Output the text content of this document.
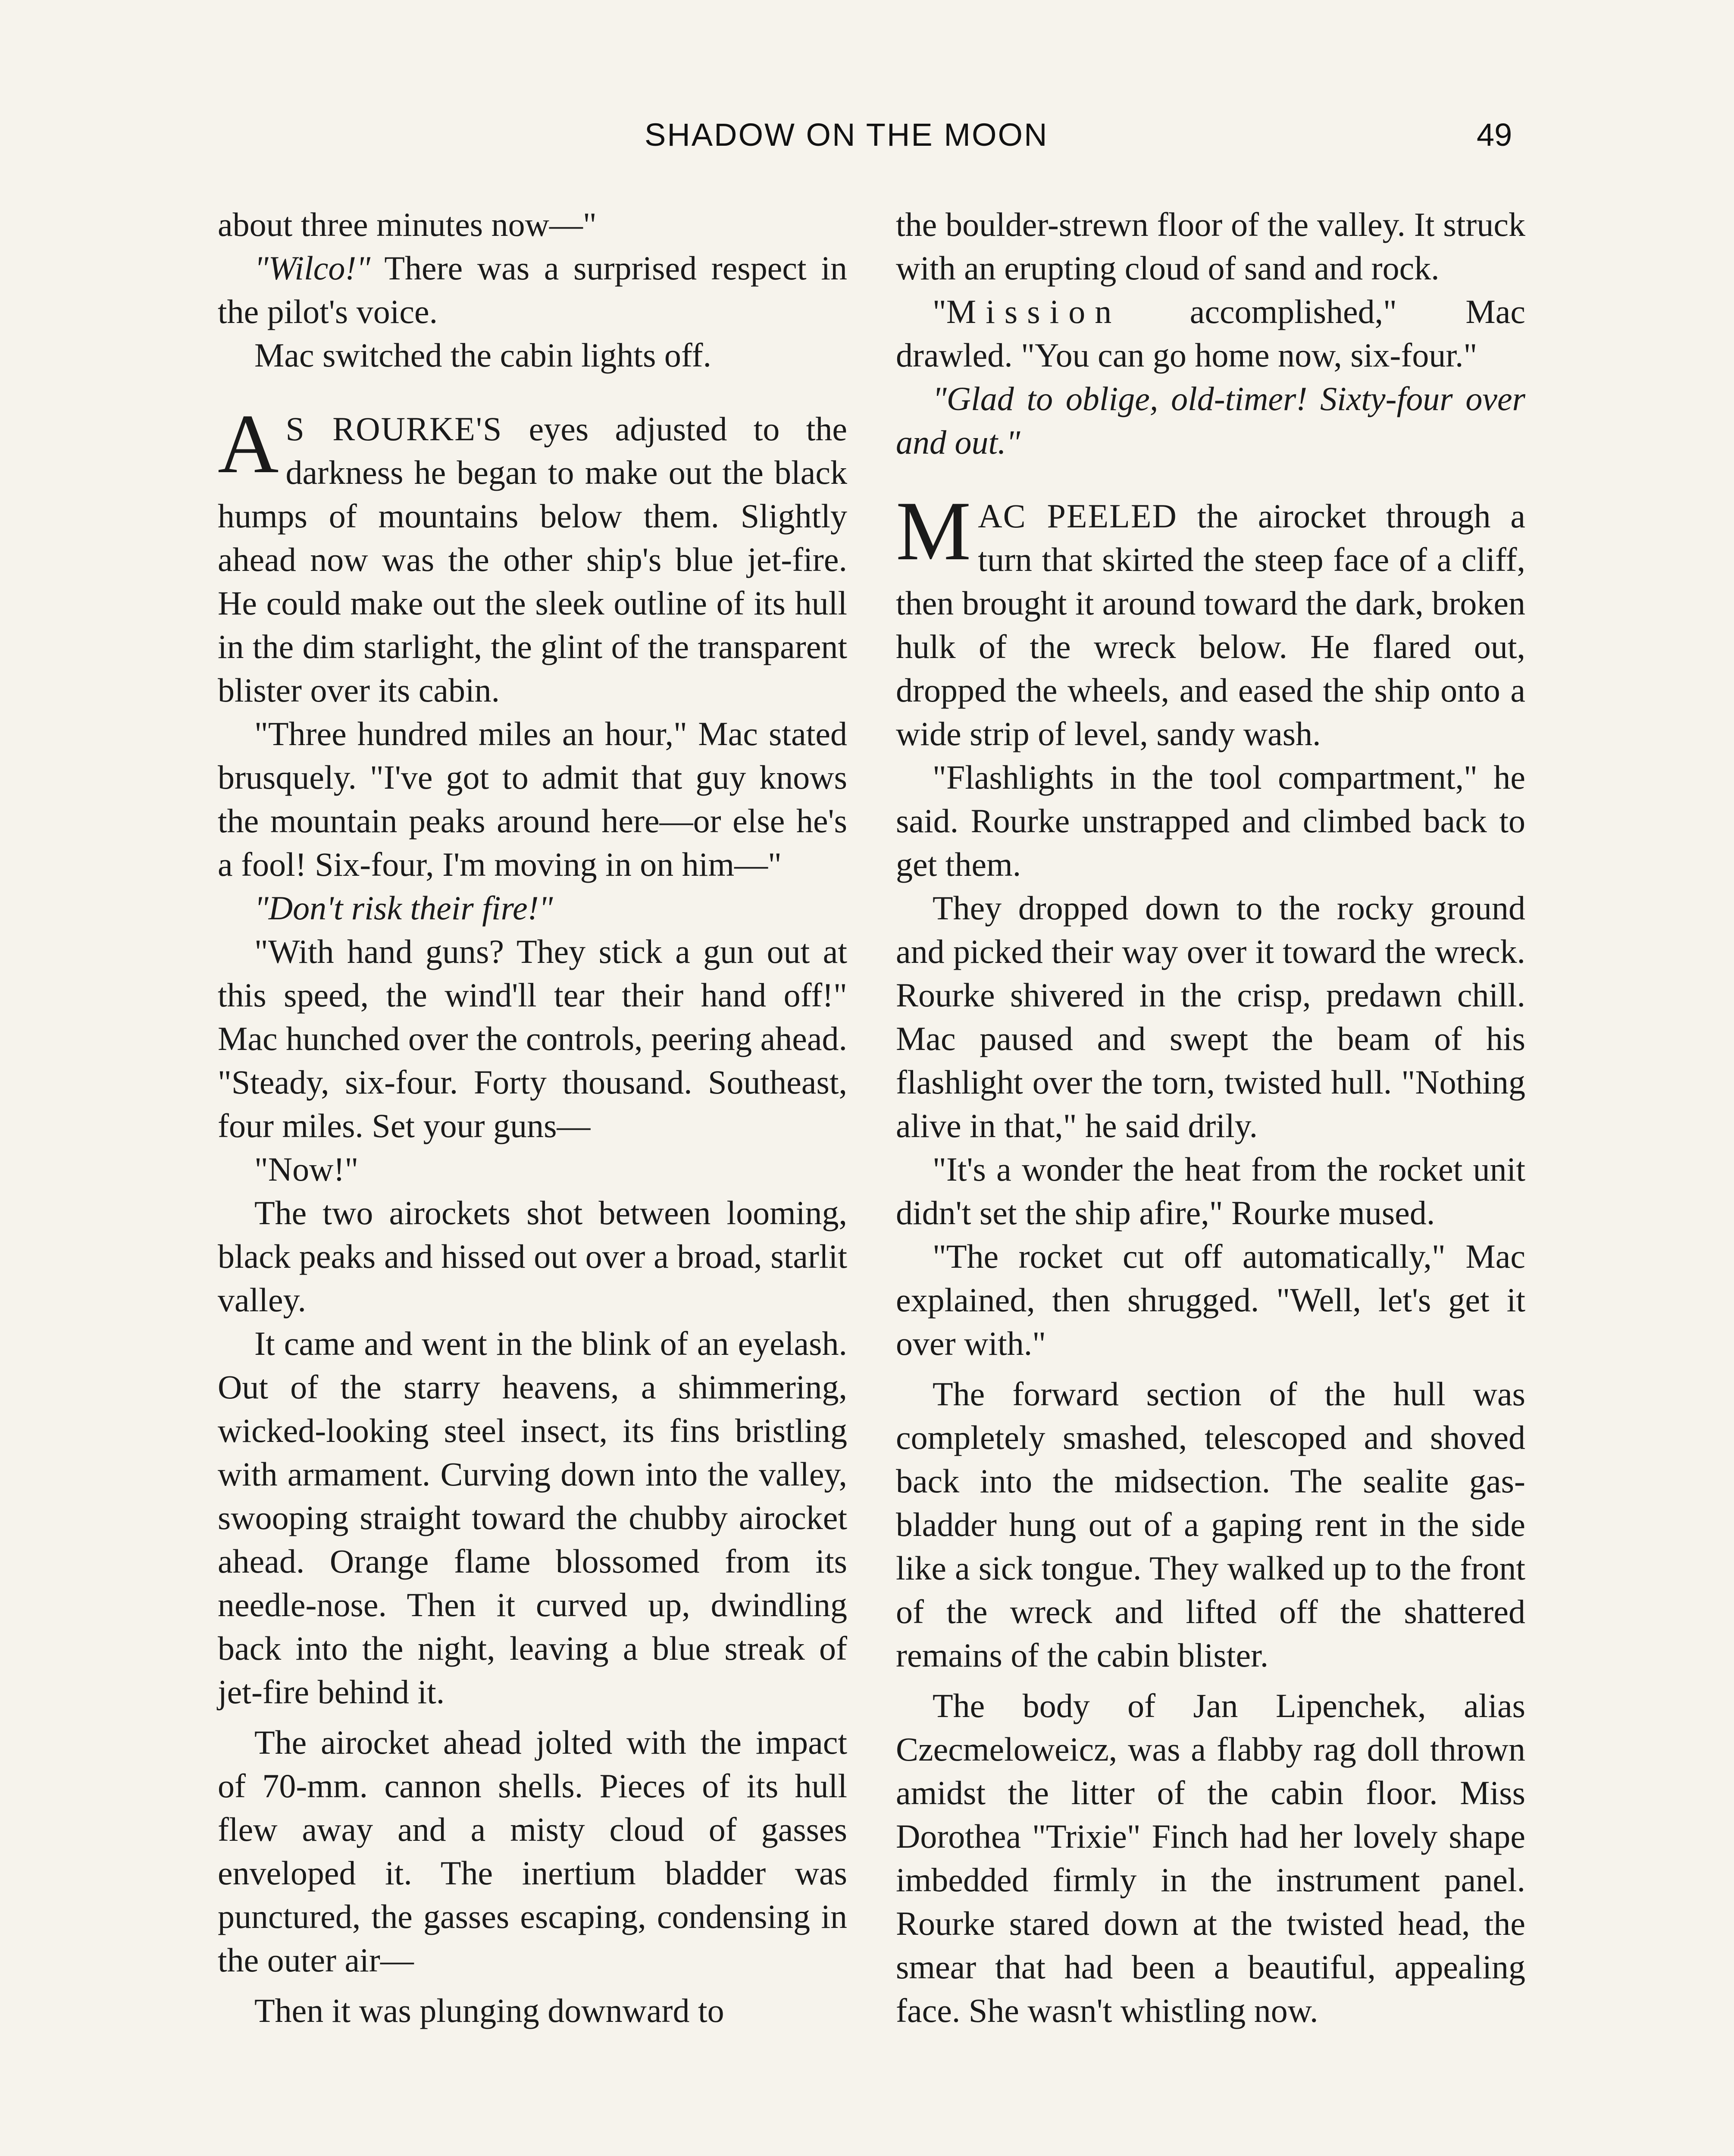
SHADOW ON THE MOON	49

about three minutes now—"

"Wilco!" There was a surprised respect in the pilot's voice.

Mac switched the cabin lights off.

A S ROURKE'S eyes adjusted to the darkness he began to make out the black humps of mountains below them. Slightly ahead now was the other ship's blue jet-fire. He could make out the sleek outline of its hull in the dim starlight, the glint of the transparent blister over its cabin.

"Three hundred miles an hour," Mac stated brusquely. "I've got to admit that guy knows the mountain peaks around here—or else he's a fool! Six-four, I'm moving in on him—"

"Don't risk their fire!"

"With hand guns? They stick a gun out at this speed, the wind'll tear their hand off!" Mac hunched over the controls, peering ahead. "Steady, six-four. Forty thousand. Southeast, four miles. Set your guns—

"Now!"

The two airockets shot between looming, black peaks and hissed out over a broad, starlit valley.

It came and went in the blink of an eyelash. Out of the starry heavens, a shimmering, wicked-looking steel insect, its fins bristling with armament. Curving down into the valley, swooping straight toward the chubby airocket ahead. Orange flame blossomed from its needle-nose. Then it curved up, dwindling back into the night, leaving a blue streak of jet-fire behind it.

The airocket ahead jolted with the impact of 70-mm. cannon shells. Pieces of its hull flew away and a misty cloud of gasses enveloped it. The inertium bladder was punctured, the gasses escaping, condensing in the outer air—

Then it was plunging downward to

the boulder-strewn floor of the valley. It struck with an erupting cloud of sand and rock.

"Mission accomplished," Mac drawled. "You can go home now, six-four."

"Glad to oblige, old-timer! Sixty-four over and out."

MAC PEELED the airocket through a turn that skirted the steep face of a cliff, then brought it around toward the dark, broken hulk of the wreck below. He flared out, dropped the wheels, and eased the ship onto a wide strip of level, sandy wash.

"Flashlights in the tool compartment," he said. Rourke unstrapped and climbed back to get them.

They dropped down to the rocky ground and picked their way over it toward the wreck. Rourke shivered in the crisp, predawn chill. Mac paused and swept the beam of his flashlight over the torn, twisted hull. "Nothing alive in that," he said drily.

"It's a wonder the heat from the rocket unit didn't set the ship afire," Rourke mused.

"The rocket cut off automatically," Mac explained, then shrugged. "Well, let's get it over with."

The forward section of the hull was completely smashed, telescoped and shoved back into the midsection. The sealite gas-bladder hung out of a gaping rent in the side like a sick tongue. They walked up to the front of the wreck and lifted off the shattered remains of the cabin blister.

The body of Jan Lipenchek, alias Czecmeloweicz, was a flabby rag doll thrown amidst the litter of the cabin floor. Miss Dorothea "Trixie" Finch had her lovely shape imbedded firmly in the instrument panel. Rourke stared down at the twisted head, the smear that had been a beautiful, appealing face. She wasn't whistling now.
